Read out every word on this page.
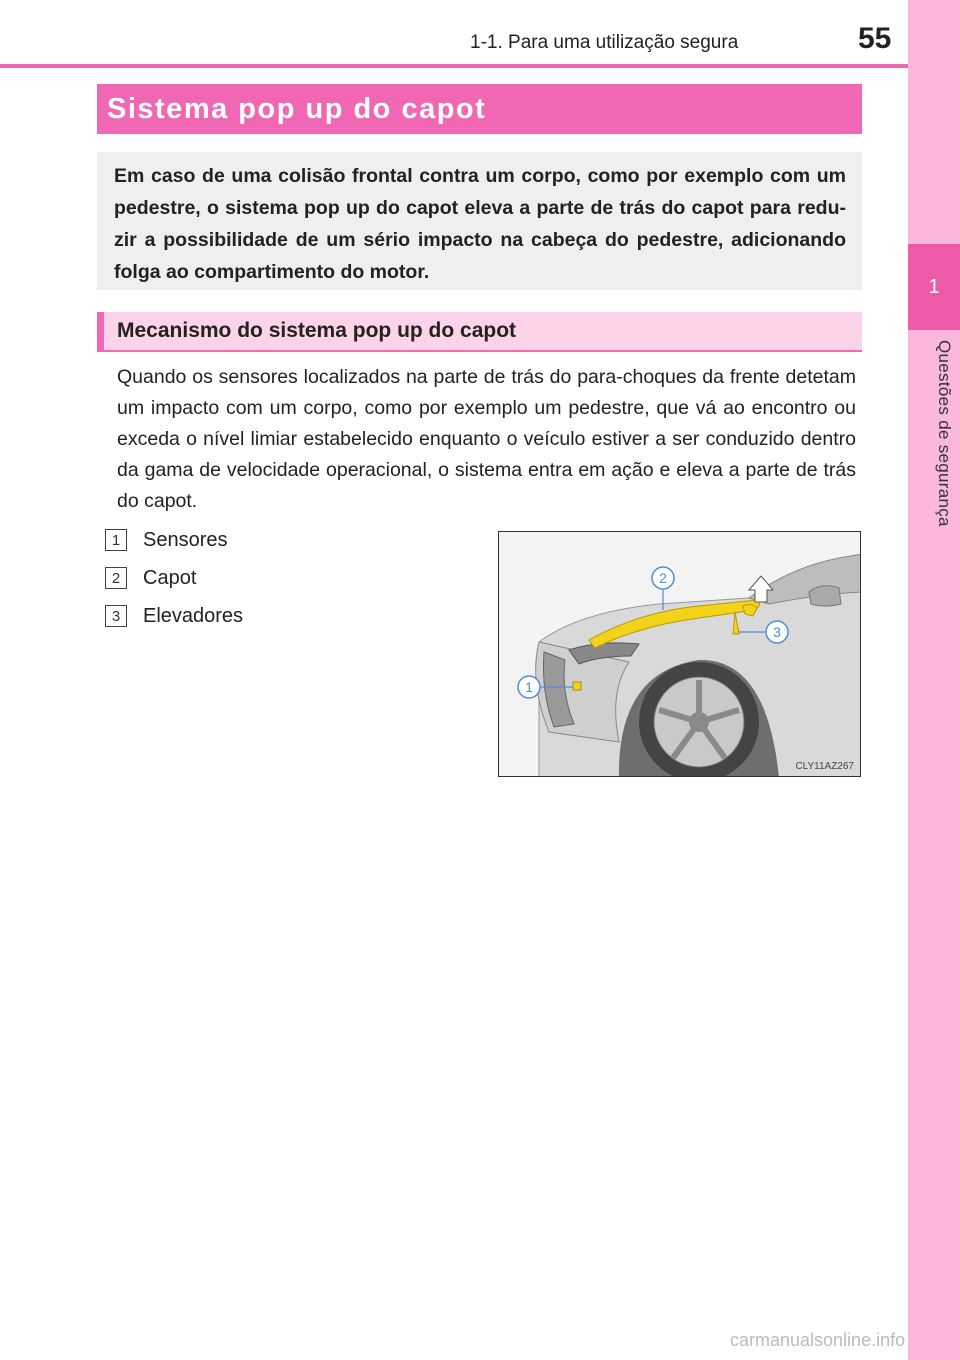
1-1. Para uma utilização segura	55
1
Questões de segurança
Sistema pop up do capot
Em caso de uma colisão frontal contra um corpo, como por exemplo com um pedestre, o sistema pop up do capot eleva a parte de trás do capot para redu-zir a possibilidade de um sério impacto na cabeça do pedestre, adicionando folga ao compartimento do motor.
Mecanismo do sistema pop up do capot
Quando os sensores localizados na parte de trás do para-choques da frente detetam um impacto com um corpo, como por exemplo um pedestre, que vá ao encontro ou exceda o nível limiar estabelecido enquanto o veículo estiver a ser conduzido dentro da gama de velocidade operacional, o sistema entra em ação e eleva a parte de trás do capot.
1	Sensores
2	Capot
3	Elevadores
2
3
1
CLY11AZ267
carmanualsonline.info
